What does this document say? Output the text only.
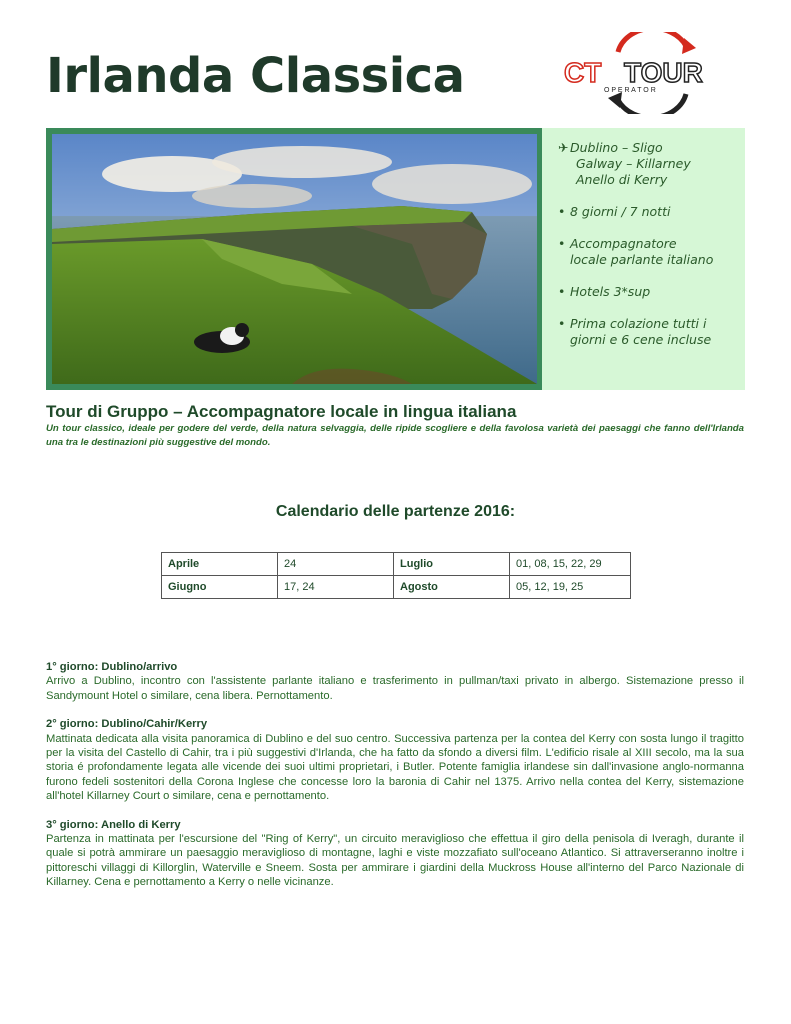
Irlanda Classica	CT TOUR
O P E R A T O R
✈ Dublino – Sligo
Galway – Killarney
Anello di Kerry
• 8 giorni / 7 notti
• Accompagnatore
locale parlante italiano
• Hotels 3*sup
• Prima colazione tutti i
giorni e 6 cene incluse
Tour di Gruppo – Accompagnatore locale in lingua italiana
Un tour classico, ideale per godere del verde, della natura selvaggia, delle ripide scogliere e della favolosa varietà dei paesaggi che fanno dell'Irlanda una tra le destinazioni più suggestive del mondo.
Calendario delle partenze 2016:
Aprile	24	Luglio	01, 08, 15, 22, 29
Giugno	17, 24	Agosto	05, 12, 19, 25
1° giorno: Dublino/arrivo
Arrivo a Dublino, incontro con l'assistente parlante italiano e trasferimento in pullman/taxi privato in albergo. Sistemazione presso il Sandymount Hotel o similare, cena libera. Pernottamento.
2° giorno: Dublino/Cahir/Kerry
Mattinata dedicata alla visita panoramica di Dublino e del suo centro. Successiva partenza per la contea del Kerry con sosta lungo il tragitto per la visita del Castello di Cahir, tra i più suggestivi d'Irlanda, che ha fatto da sfondo a diversi film. L'edificio risale al XIII secolo, ma la sua storia é profondamente legata alle vicende dei suoi ultimi proprietari, i Butler. Potente famiglia irlandese sin dall'invasione anglo-normanna furono fedeli sostenitori della Corona Inglese che concesse loro la baronia di Cahir nel 1375. Arrivo nella contea del Kerry, sistemazione all'hotel Killarney Court o similare, cena e pernottamento.
3° giorno: Anello di Kerry
Partenza in mattinata per l'escursione del "Ring of Kerry", un circuito meraviglioso che effettua il giro della penisola di Iveragh, durante il quale si potrà ammirare un paesaggio meraviglioso di montagne, laghi e viste mozzafiato sull'oceano Atlantico. Si attraverseranno inoltre i pittoreschi villaggi di Killorglin, Waterville e Sneem. Sosta per ammirare i giardini della Muckross House all'interno del Parco Nazionale di Killarney. Cena e pernottamento a Kerry o nelle vicinanze.
